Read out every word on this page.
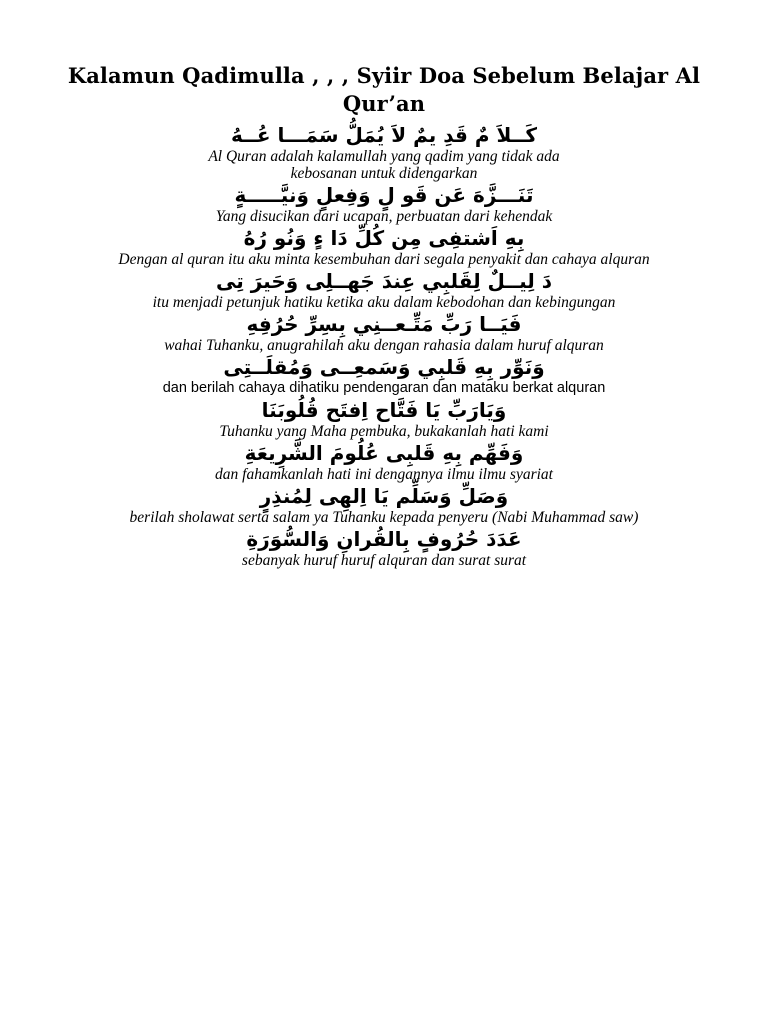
Kalamun Qadimulla , , , Syiir Doa Sebelum Belajar Al Qur’an
كَــلاَ مٌ قَدِ يمٌ لاَ يُمَلُّ سَمَـــا عُــهُ
Al Quran adalah kalamullah yang qadim yang tidak ada kebosanan untuk didengarkan
تَنَـــزَّهَ عَن قَو لٍ وَفِعلٍ وَنيَّـــــةٍ
Yang disucikan dari ucapan, perbuatan dari kehendak
بِهِ اَشتفِى مِن كُلِّ دَا ءٍ وَنُو رُهُ
Dengan al quran itu aku minta kesembuhan dari segala penyakit dan cahaya alquran
دَ لِيــلٌ لِقَلبِي عِندَ جَهــلِى وَحَيرَ تِى
itu menjadi petunjuk hatiku ketika aku dalam kebodohan dan kebingungan
فَيَــا رَبِّ مَتِّـعــنِي بِسِرِّ حُرُفِهِ
wahai Tuhanku, anugrahilah aku dengan rahasia dalam huruf alquran
وَنَوِّر بِهِ قَلبِي وَسَمعِــى وَمُقلَــتِى
dan berilah cahaya dihatiku pendengaran dan mataku berkat alquran
وَيَارَبِّ يَا فَتَّاح اِفتَح قُلُوبَنَا
Tuhanku yang Maha pembuka, bukakanlah hati kami
وَفَهِّم بِهِ قَلبِى عُلُومَ الشَّرِيعَةِ
dan fahamkanlah hati ini dengannya ilmu ilmu syariat
وَصَلِّ وَسَلِّم يَا اِلهِى لِمُنذِرٍ
berilah sholawat serta salam ya Tuhanku kepada penyeru (Nabi Muhammad saw)
عَدَدَ حُرُوفٍ بِالقُرانِ وَالسُّوَرَةِ
sebanyak huruf huruf alquran dan surat surat
